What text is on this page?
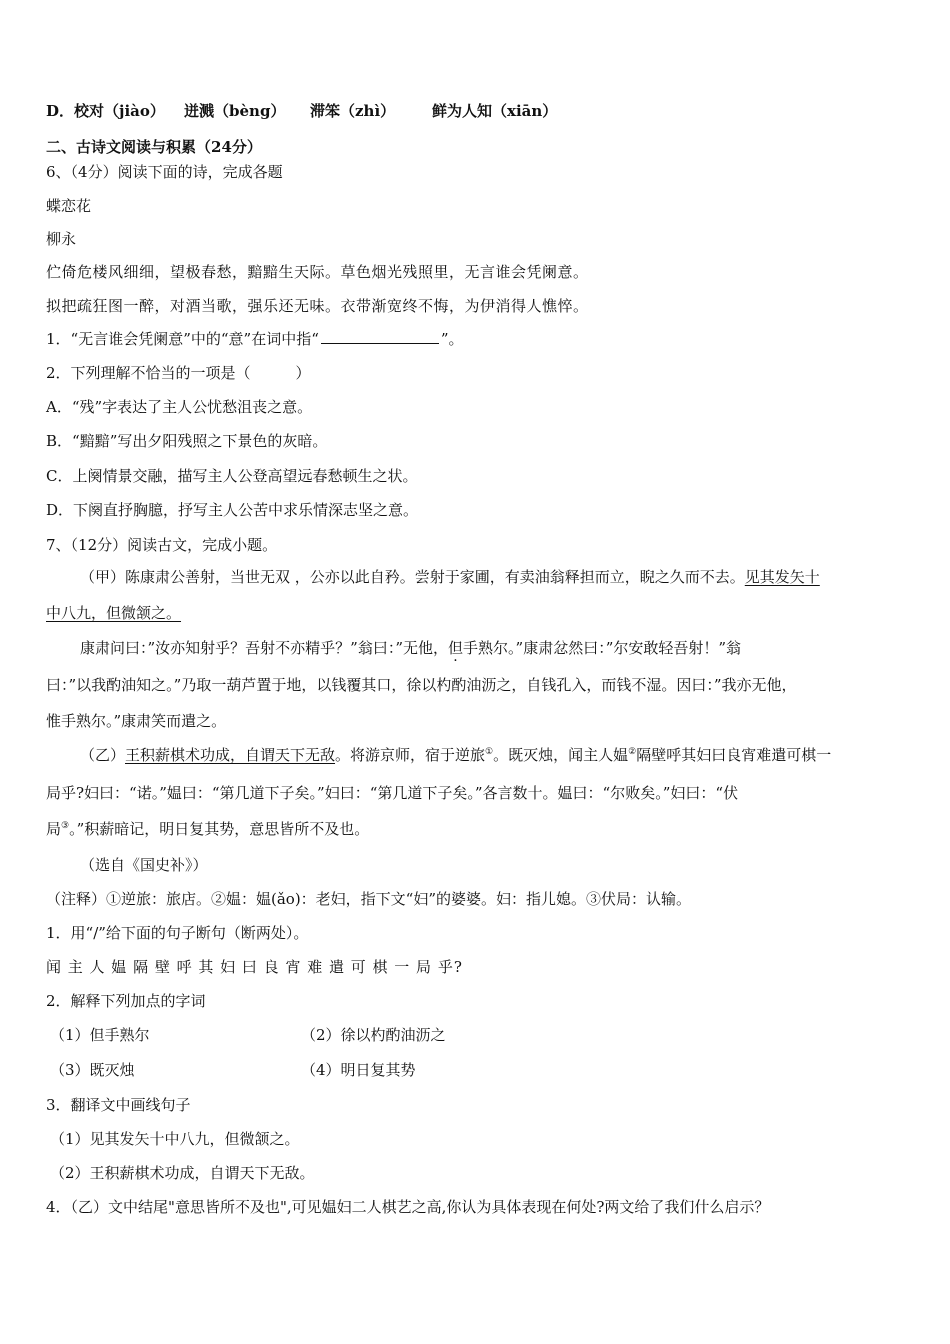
D．校对（jiào） 迸溅（bèng） 滞笨（zhì） 鲜为人知（xiān）
二、古诗文阅读与积累（24分）
6、（4分）阅读下面的诗，完成各题
蝶恋花
柳永
伫倚危楼风细细，望极春愁，黯黯生天际。草色烟光残照里，无言谁会凭阑意。
拟把疏狂图一醉，对酒当歌，强乐还无味。衣带渐宽终不悔，为伊消得人憔悴。
1．“无言谁会凭阑意”中的“意”在词中指“	”。
2．下列理解不恰当的一项是（　　　）
A．“残”字表达了主人公忧愁沮丧之意。
B．“黯黯”写出夕阳残照之下景色的灰暗。
C．上阕情景交融，描写主人公登高望远春愁顿生之状。
D．下阕直抒胸臆，抒写主人公苦中求乐情深志坚之意。
7、（12分）阅读古文，完成小题。
（甲）陈康肃公善射，当世无双 ，公亦以此自矜。尝射于家圃，有卖油翁释担而立，睨之久而不去。见其发矢十
中八九，但微颔之。
康肃问曰：”汝亦知射乎？吾射不亦精乎？”翁曰：”无他，但手熟尔。”康肃忿然曰：”尔安敢轻吾射！”翁
曰：”以我酌油知之。”乃取一葫芦置于地，以钱覆其口，徐以杓酌油沥之，自钱孔入，而钱不湿。因曰：”我亦无他，
惟手熟尔。”康肃笑而遣之。
（乙）王积薪棋术功成，自谓天下无敌。将游京师，宿于逆旅①。既灭烛，闻主人媪②隔壁呼其妇曰良宵难遣可棋一
局乎?妇曰：“诺。”媪曰：“第几道下子矣。”妇曰：“第几道下子矣。”各言数十。媪曰：“尔败矣。”妇曰：“伏
局③。”积薪暗记，明日复其势，意思皆所不及也。
（选自《国史补》）
（注释）①逆旅：旅店。②媪：媪(ǎo)：老妇，指下文“妇”的婆婆。妇：指儿媳。③伏局：认输。
1．用“/”给下面的句子断句（断两处）。
闻 主 人 媪 隔 壁 呼 其 妇 曰 良 宵 难 遣 可 棋 一 局 乎?
2．解释下列加点的字词
（1）但手熟尔	（2）徐以杓酌油沥之
（3）既灭烛	（4）明日复其势
3．翻译文中画线句子
（1）见其发矢十中八九，但微颔之。
（2）王积薪棋术功成，自谓天下无敌。
4．（乙）文中结尾"意思皆所不及也",可见媪妇二人棋艺之高,你认为具体表现在何处?两文给了我们什么启示？
